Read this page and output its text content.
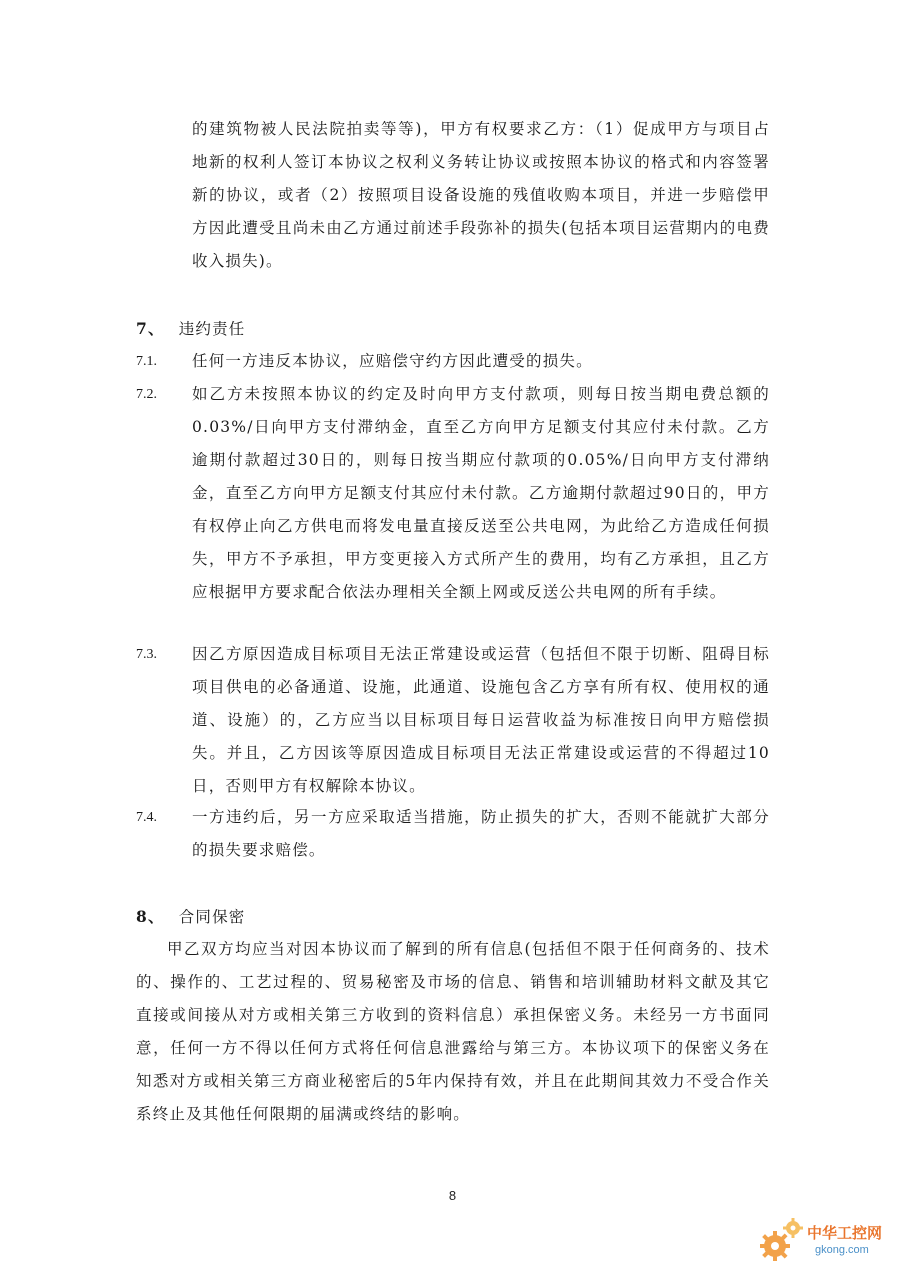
的建筑物被人民法院拍卖等等)，甲方有权要求乙方：（1）促成甲方与项目占地新的权利人签订本协议之权利义务转让协议或按照本协议的格式和内容签署新的协议，或者（2）按照项目设备设施的残值收购本项目，并进一步赔偿甲方因此遭受且尚未由乙方通过前述手段弥补的损失(包括本项目运营期内的电费收入损失)。

7、 违约责任
7.1. 任何一方违反本协议，应赔偿守约方因此遭受的损失。

7.2. 如乙方未按照本协议的约定及时向甲方支付款项，则每日按当期电费总额的0.03%/日向甲方支付滞纳金，直至乙方向甲方足额支付其应付未付款。乙方逾期付款超过30日的，则每日按当期应付款项的0.05%/日向甲方支付滞纳金，直至乙方向甲方足额支付其应付未付款。乙方逾期付款超过90日的，甲方有权停止向乙方供电而将发电量直接反送至公共电网，为此给乙方造成任何损失，甲方不予承担，甲方变更接入方式所产生的费用，均有乙方承担，且乙方应根据甲方要求配合依法办理相关全额上网或反送公共电网的所有手续。

7.3. 因乙方原因造成目标项目无法正常建设或运营（包括但不限于切断、阻碍目标项目供电的必备通道、设施，此通道、设施包含乙方享有所有权、使用权的通道、设施）的，乙方应当以目标项目每日运营收益为标准按日向甲方赔偿损失。并且，乙方因该等原因造成目标项目无法正常建设或运营的不得超过10日，否则甲方有权解除本协议。

7.4. 一方违约后，另一方应采取适当措施，防止损失的扩大，否则不能就扩大部分的损失要求赔偿。

8、 合同保密

甲乙双方均应当对因本协议而了解到的所有信息(包括但不限于任何商务的、技术的、操作的、工艺过程的、贸易秘密及市场的信息、销售和培训辅助材料文献及其它直接或间接从对方或相关第三方收到的资料信息）承担保密义务。未经另一方书面同意，任何一方不得以任何方式将任何信息泄露给与第三方。本协议项下的保密义务在知悉对方或相关第三方商业秘密后的5年内保持有效，并且在此期间其效力不受合作关系终止及其他任何限期的届满或终结的影响。

8
中华工控网
gkong.com
